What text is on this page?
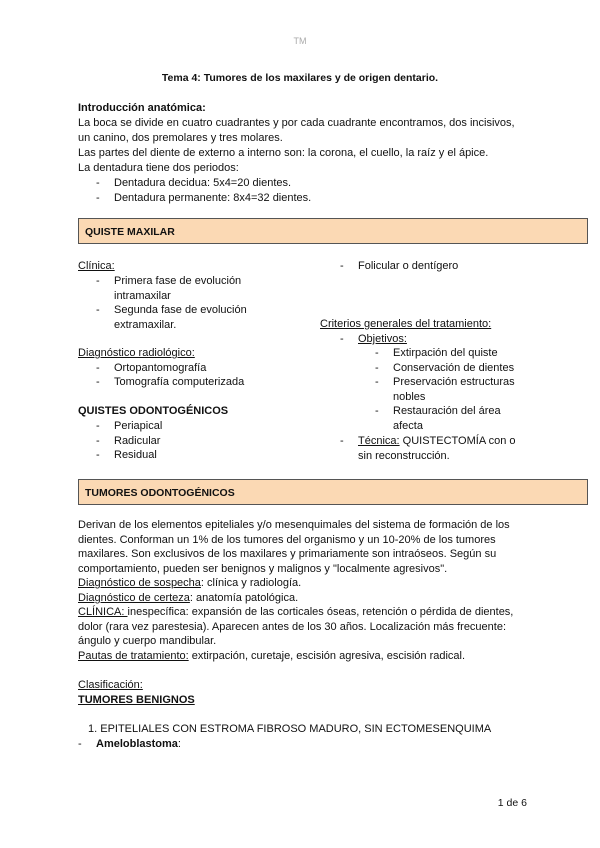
TM
Tema 4: Tumores de los maxilares y de origen dentario.
Introducción anatómica:
La boca se divide en cuatro cuadrantes y por cada cuadrante encontramos, dos incisivos,
un canino, dos premolares y tres molares.
Las partes del diente de externo a interno son: la corona, el cuello, la raíz y el ápice.
La dentadura tiene dos periodos:
- Dentadura decidua: 5x4=20 dientes.
- Dentadura permanente: 8x4=32 dientes.
QUISTE MAXILAR
Clínica:
- Primera fase de evolución
intramaxilar
- Segunda fase de evolución
extramaxilar.
Diagnóstico radiológico:
- Ortopantomografía
- Tomografía computerizada
QUISTES ODONTOGÉNICOS
- Periapical
- Radicular
- Residual
- Folicular o dentígero
Criterios generales del tratamiento:
- Objetivos:
- Extirpación del quiste
- Conservación de dientes
- Preservación estructuras
nobles
- Restauración del área
afecta
- Técnica: QUISTECTOMÍA con o
sin reconstrucción.
TUMORES ODONTOGÉNICOS
Derivan de los elementos epiteliales y/o mesenquimales del sistema de formación de los
dientes. Conforman un 1% de los tumores del organismo y un 10-20% de los tumores
maxilares. Son exclusivos de los maxilares y primariamente son intraóseos. Según su
comportamiento, pueden ser benignos y malignos y "localmente agresivos".
Diagnóstico de sospecha: clínica y radiología.
Diagnóstico de certeza: anatomía patológica.
CLÍNICA: inespecífica: expansión de las corticales óseas, retención o pérdida de dientes,
dolor (rara vez parestesia). Aparecen antes de los 30 años. Localización más frecuente:
ángulo y cuerpo mandibular.
Pautas de tratamiento: extirpación, curetaje, escisión agresiva, escisión radical.
Clasificación:
TUMORES BENIGNOS
1. EPITELIALES CON ESTROMA FIBROSO MADURO, SIN ECTOMESENQUIMA
- Ameloblastoma:
1 de 6
